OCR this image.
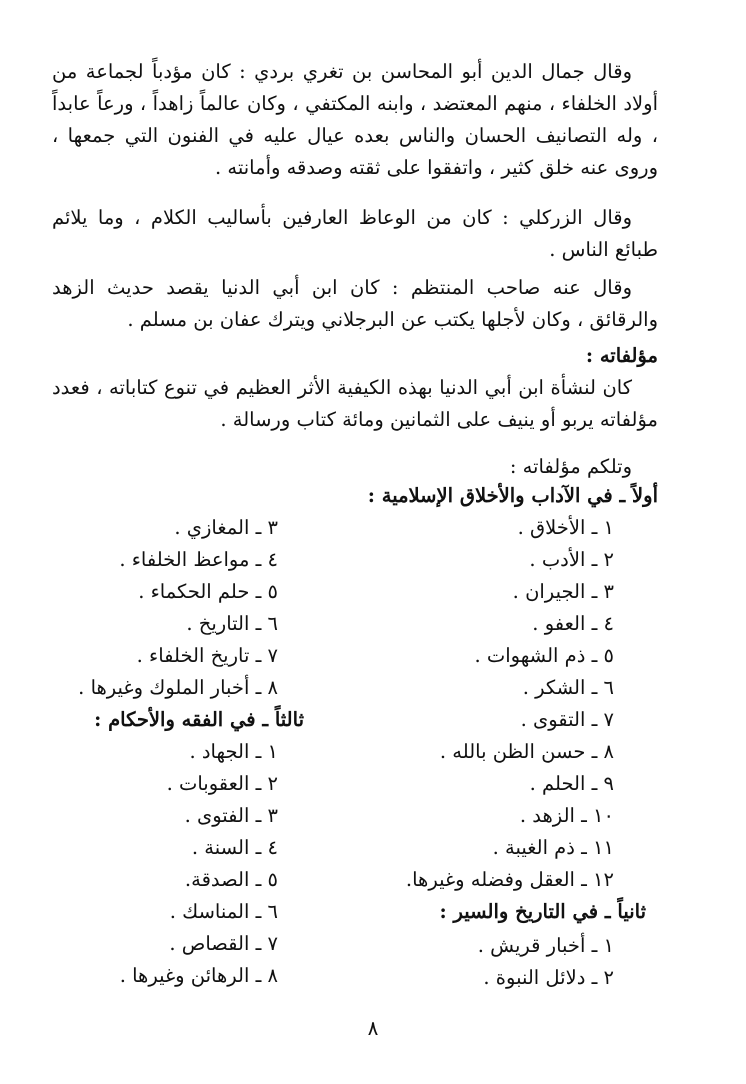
وقال جمال الدين أبو المحاسن بن تغري بردي : كان مؤدباً لجماعة من أولاد الخلفاء ، منهم المعتضد ، وابنه المكتفي ، وكان عالماً زاهداً ، ورعاً عابداً ، وله التصانيف الحسان والناس بعده عيال عليه في الفنون التي جمعها ، وروى عنه خلق كثير ، واتفقوا على ثقته وصدقه وأمانته .

وقال الزركلي : كان من الوعاظ العارفين بأساليب الكلام ، وما يلائم طبائع الناس .

وقال عنه صاحب المنتظم : كان ابن أبي الدنيا يقصد حديث الزهد والرقائق ، وكان لأجلها يكتب عن البرجلاني ويترك عفان بن مسلم .

مؤلفاته :

كان لنشأة ابن أبي الدنيا بهذه الكيفية الأثر العظيم في تنوع كتاباته ، فعدد مؤلفاته يربو أو ينيف على الثمانين ومائة كتاب ورسالة .

وتلكم مؤلفاته :

أولاً ـ في الآداب والأخلاق الإسلامية :

١ ـ الأخلاق .
٢ ـ الأدب .
٣ ـ الجيران .
٤ ـ العفو .
٥ ـ ذم الشهوات .
٦ ـ الشكر .
٧ ـ التقوى .
٨ ـ حسن الظن بالله .
٩ ـ الحلم .
١٠ ـ الزهد .
١١ ـ ذم الغيبة .
١٢ ـ العقل وفضله وغيرها.

ثانياً ـ في التاريخ والسير :

١ ـ أخبار قريش .
٢ ـ دلائل النبوة .
٣ ـ المغازي .
٤ ـ مواعظ الخلفاء .
٥ ـ حلم الحكماء .
٦ ـ التاريخ .
٧ ـ تاريخ الخلفاء .
٨ ـ أخبار الملوك وغيرها .

ثالثاً ـ في الفقه والأحكام :

١ ـ الجهاد .
٢ ـ العقوبات .
٣ ـ الفتوى .
٤ ـ السنة .
٥ ـ الصدقة.
٦ ـ المناسك .
٧ ـ القصاص .
٨ ـ الرهائن وغيرها .
٨
